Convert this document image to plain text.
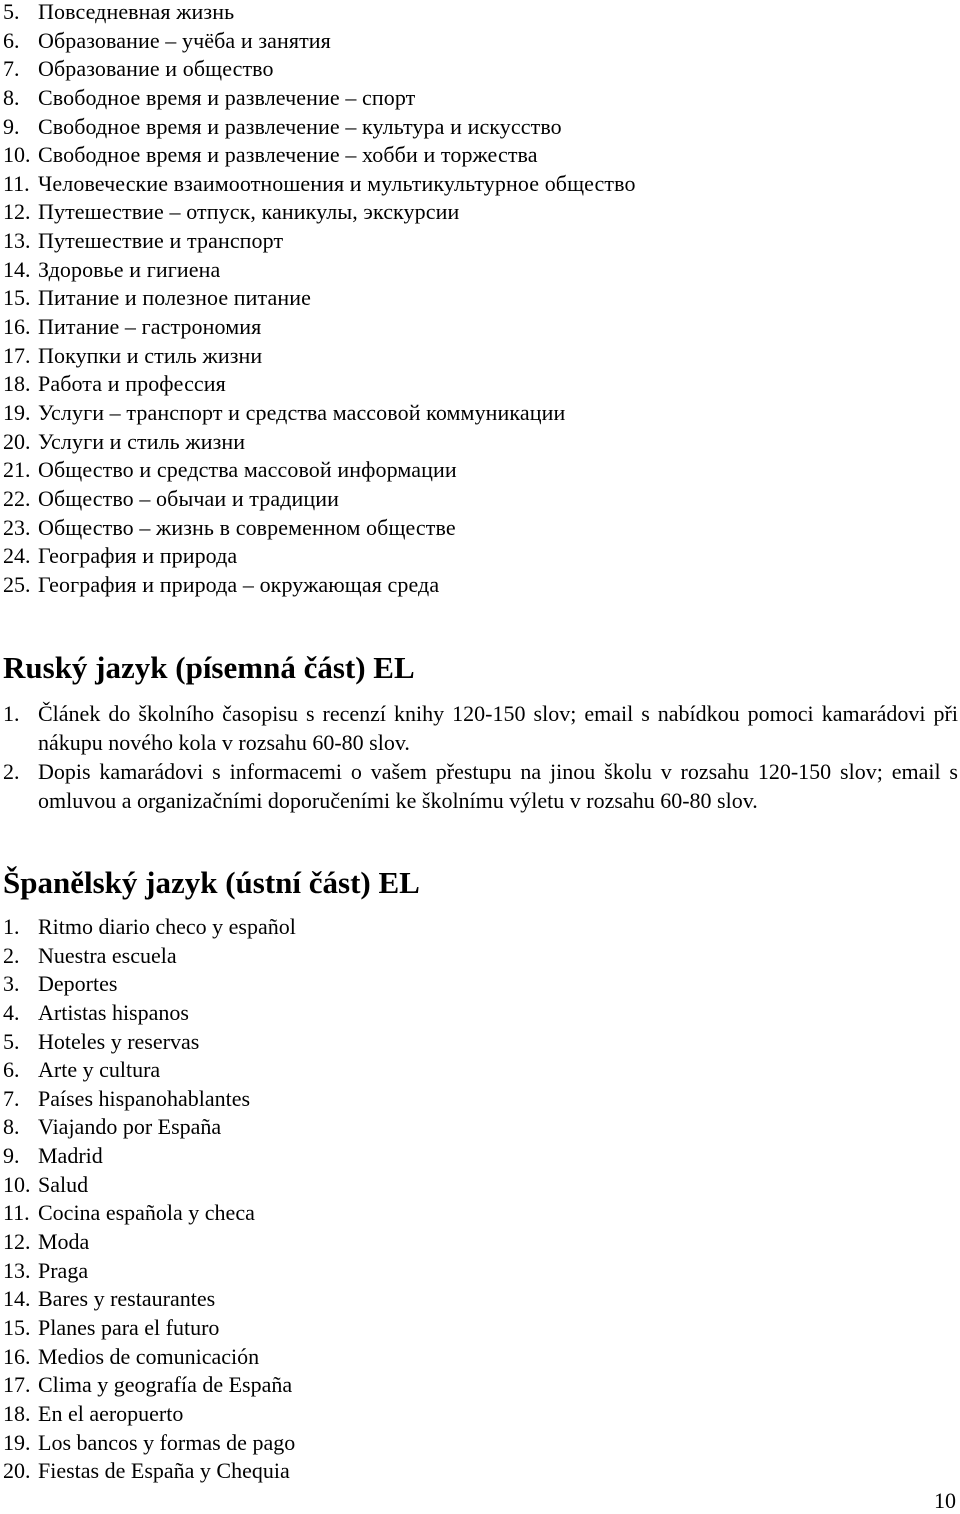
5. Повседневная жизнь
6. Образование – учёба и занятия
7. Образование и общество
8. Свободное время и развлечение – спорт
9. Свободное время и развлечение – культура и искусство
10. Свободное время и развлечение – хобби и торжества
11. Человеческие взаимоотношения и мультикультурное общество
12. Путешествие – отпуск, каникулы, экскурсии
13. Путешествие и транспорт
14. Здоровье и гигиена
15. Питание и полезное питание
16. Питание – гастрономия
17. Покупки и стиль жизни
18. Работа и профессия
19. Услуги – транспорт и средства массовой коммуникации
20. Услуги и стиль жизни
21. Общество и средства массовой информации
22. Общество – обычаи и традиции
23. Общество – жизнь в современном обществе
24. География и природа
25. География и природа – окружающая среда
Ruský jazyk (písemná část) EL
1. Článek do školního časopisu s recenzí knihy 120-150 slov; email s nabídkou pomoci kamarádovi při nákupu nového kola v rozsahu 60-80 slov.
2. Dopis kamarádovi s informacemi o vašem přestupu na jinou školu v rozsahu 120-150 slov; email s omluvou a organizačními doporučeními ke školnímu výletu v rozsahu 60-80 slov.
Španělský jazyk (ústní část) EL
1. Ritmo diario checo y español
2. Nuestra escuela
3. Deportes
4. Artistas hispanos
5. Hoteles y reservas
6. Arte y cultura
7. Países hispanohablantes
8. Viajando por España
9. Madrid
10. Salud
11. Cocina española y checa
12. Moda
13. Praga
14. Bares y restaurantes
15. Planes para el futuro
16. Medios de comunicación
17. Clima y geografía de España
18. En el aeropuerto
19. Los bancos y formas de pago
20. Fiestas de España y Chequia
10
